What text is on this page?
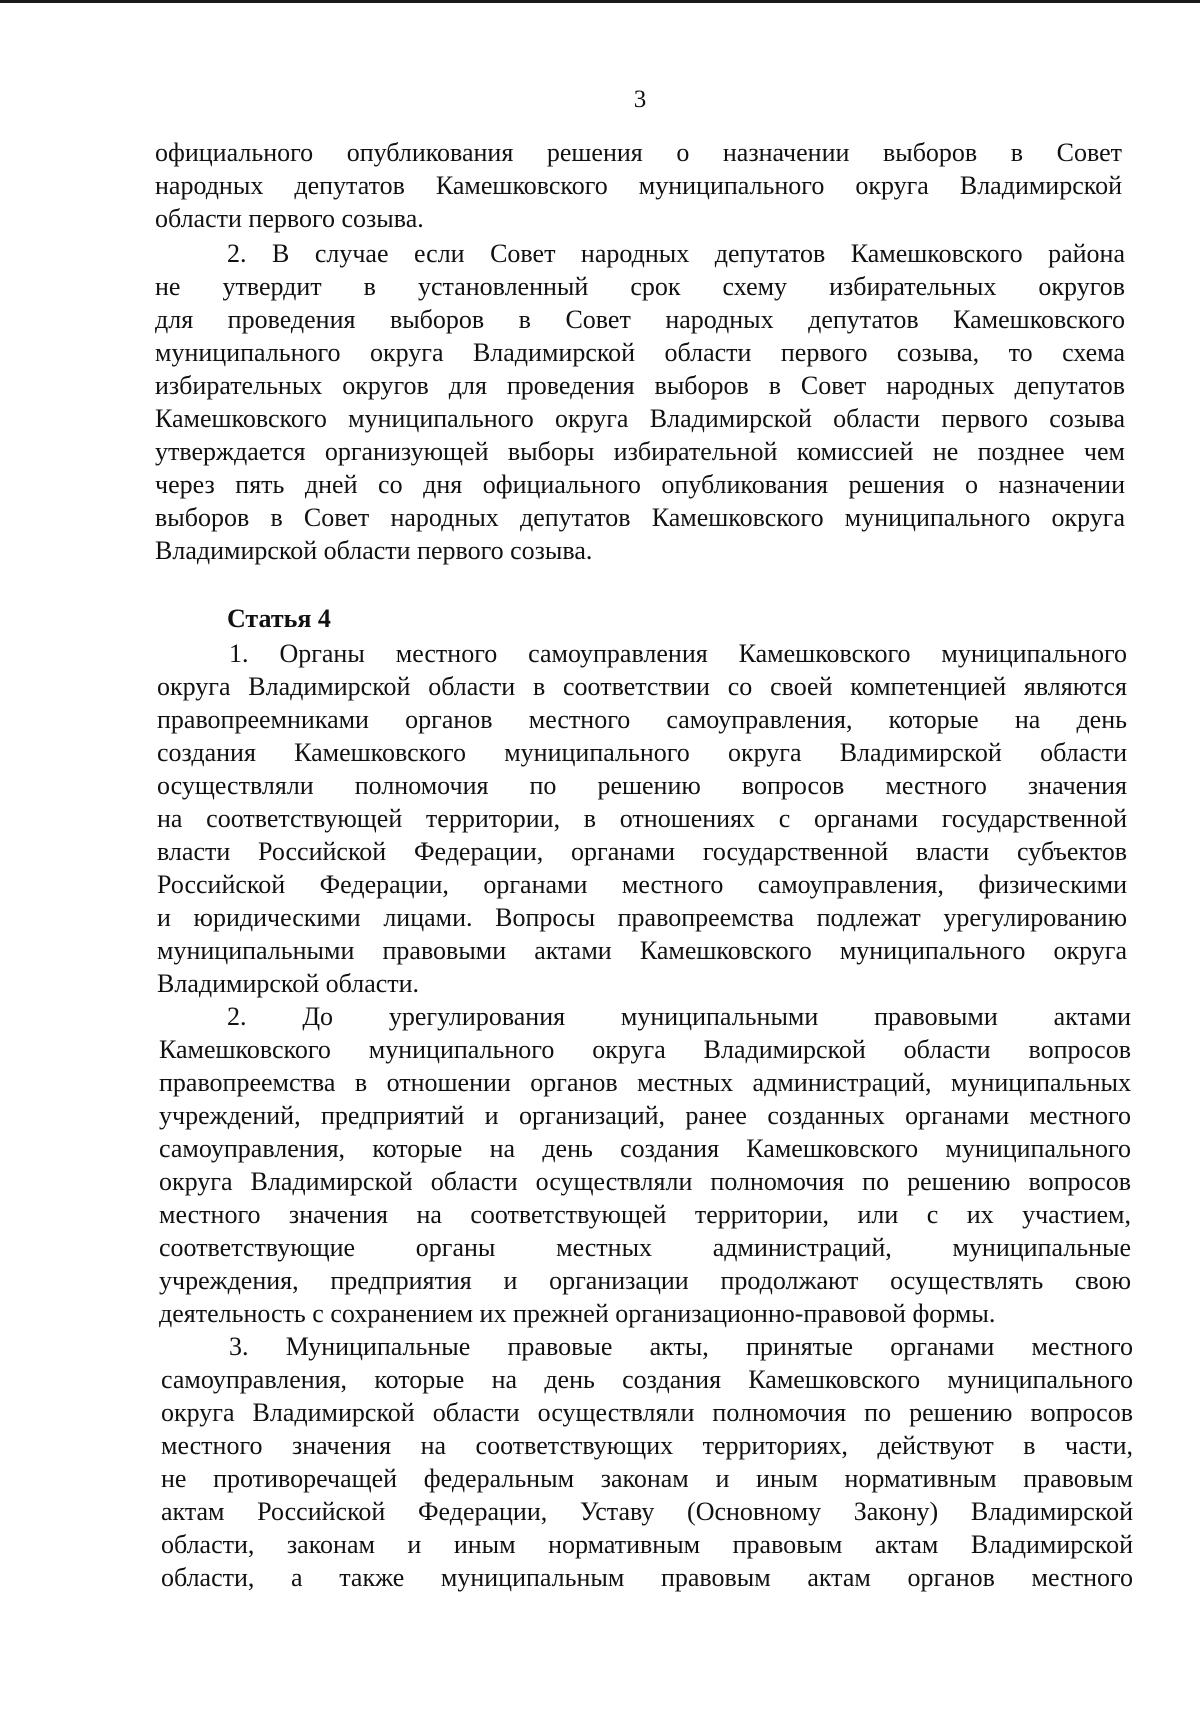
3
официального опубликования решения о назначении выборов в Совет
народных депутатов Камешковского муниципального округа Владимирской
области первого созыва.
2. В случае если Совет народных депутатов Камешковского района
не утвердит в установленный срок схему избирательных округов
для проведения выборов в Совет народных депутатов Камешковского
муниципального округа Владимирской области первого созыва, то схема
избирательных округов для проведения выборов в Совет народных депутатов
Камешковского муниципального округа Владимирской области первого созыва
утверждается организующей выборы избирательной комиссией не позднее чем
через пять дней со дня официального опубликования решения о назначении
выборов в Совет народных депутатов Камешковского муниципального округа
Владимирской области первого созыва.
Статья 4
1. Органы местного самоуправления Камешковского муниципального
округа Владимирской области в соответствии со своей компетенцией являются
правопреемниками органов местного самоуправления, которые на день
создания Камешковского муниципального округа Владимирской области
осуществляли полномочия по решению вопросов местного значения
на соответствующей территории, в отношениях с органами государственной
власти Российской Федерации, органами государственной власти субъектов
Российской Федерации, органами местного самоуправления, физическими
и юридическими лицами. Вопросы правопреемства подлежат урегулированию
муниципальными правовыми актами Камешковского муниципального округа
Владимирской области.
2. До урегулирования муниципальными правовыми актами
Камешковского муниципального округа Владимирской области вопросов
правопреемства в отношении органов местных администраций, муниципальных
учреждений, предприятий и организаций, ранее созданных органами местного
самоуправления, которые на день создания Камешковского муниципального
округа Владимирской области осуществляли полномочия по решению вопросов
местного значения на соответствующей территории, или с их участием,
соответствующие органы местных администраций, муниципальные
учреждения, предприятия и организации продолжают осуществлять свою
деятельность с сохранением их прежней организационно-правовой формы.
3. Муниципальные правовые акты, принятые органами местного
самоуправления, которые на день создания Камешковского муниципального
округа Владимирской области осуществляли полномочия по решению вопросов
местного значения на соответствующих территориях, действуют в части,
не противоречащей федеральным законам и иным нормативным правовым
актам Российской Федерации, Уставу (Основному Закону) Владимирской
области, законам и иным нормативным правовым актам Владимирской
области, а также муниципальным правовым актам органов местного
